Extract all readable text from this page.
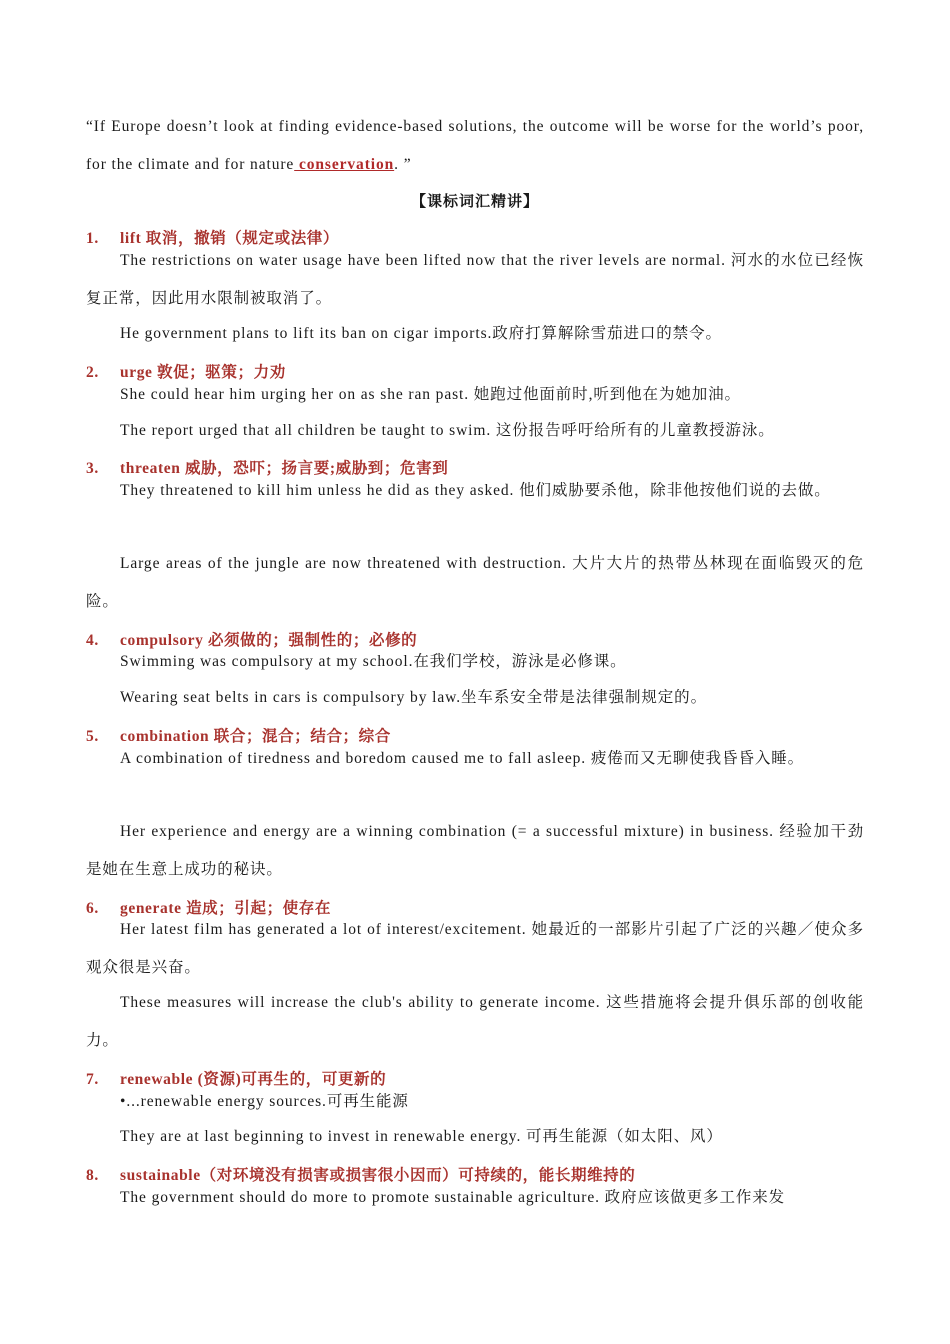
“If Europe doesn’t look at finding evidence-based solutions, the outcome will be worse for the world’s poor, for the climate and for nature conservation. ”

【课标词汇精讲】
1. lift 取消，撤销（规定或法律）

The restrictions on water usage have been lifted now that the river levels are normal. 河水的水位已经恢复正常，因此用水限制被取消了。

He government plans to lift its ban on cigar imports.政府打算解除雪茄进口的禁令。

2. urge 敦促；驱策；力劝

She could hear him urging her on as she ran past. 她跑过他面前时,听到他在为她加油。

The report urged that all children be taught to swim. 这份报告呼吁给所有的儿童教授游泳。

3. threaten 威胁，恐吓；扬言要;威胁到；危害到

They threatened to kill him unless he did as they asked. 他们威胁要杀他，除非他按他们说的去做。

Large areas of the jungle are now threatened with destruction. 大片大片的热带丛林现在面临毁灭的危险。

4. compulsory 必须做的；强制性的；必修的

Swimming was compulsory at my school.在我们学校，游泳是必修课。

Wearing seat belts in cars is compulsory by law.坐车系安全带是法律强制规定的。

5. combination 联合；混合；结合；综合

A combination of tiredness and boredom caused me to fall asleep. 疲倦而又无聊使我昏昏入睡。

Her experience and energy are a winning combination (= a successful mixture) in business. 经验加干劲是她在生意上成功的秘诀。

6. generate 造成；引起；使存在

Her latest film has generated a lot of interest/excitement. 她最近的一部影片引起了广泛的兴趣／使众多观众很是兴奋。

These measures will increase the club's ability to generate income. 这些措施将会提升俱乐部的创收能力。

7. renewable (资源)可再生的，可更新的

•...renewable energy sources.可再生能源

They are at last beginning to invest in renewable energy. 可再生能源（如太阳、风）

8. sustainable（对环境没有损害或损害很小因而）可持续的，能长期维持的

The government should do more to promote sustainable agriculture. 政府应该做更多工作来发
